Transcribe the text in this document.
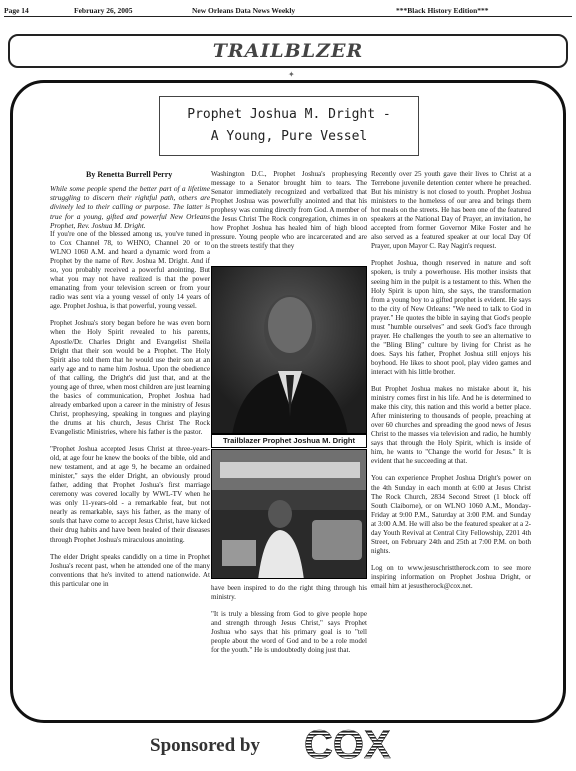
Page 14	February 26, 2005	New Orleans Data News Weekly	***Black History Edition***
TRAILBLZER
✦
Prophet Joshua M. Dright -
A Young, Pure Vessel
By Renetta Burrell Perry
While some people spend the better part of a lifetime struggling to discern their rightful path, others are divinely led to their calling or purpose. The latter is true for a young, gifted and powerful New Orleans Prophet, Rev. Joshua M. Dright.

If you're one of the blessed among us, you've tuned in to Cox Channel 78, to WHNO, Channel 20 or to WLNO 1060 A.M. and heard a dynamic word from a Prophet by the name of Rev. Joshua M. Dright. And if so, you probably received a powerful anointing. But what you may not have realized is that the power emanating from your television screen or from your radio was sent via a young vessel of only 14 years of age. Prophet Joshua, is that powerful, young vessel.

Prophet Joshua's story began before he was even born when the Holy Spirit revealed to his parents, Apostle/Dr. Charles Dright and Evangelist Sheila Dright that their son would be a Prophet. The Holy Spirit also told them that he would use their son at an early age and to name him Joshua. Upon the obedience of that calling, the Dright's did just that, and at the young age of three, when most children are just learning the basics of communication, Prophet Joshua had already embarked upon a career in the ministry of Jesus Christ, prophesying, speaking in tongues and playing the drums at his church, Jesus Christ The Rock Evangelistic Ministries, where his father is the pastor.

"Prophet Joshua accepted Jesus Christ at three-years-old, at age four he knew the books of the bible, old and new testament, and at age 9, he became an ordained minister," says the elder Dright, an obviously proud father, adding that Prophet Joshua's first marriage ceremony was covered locally by WWL-TV when he was only 11-years-old - a remarkable feat, but not nearly as remarkable, says his father, as the many of souls that have come to accept Jesus Christ, have kicked their drug habits and have been healed of their diseases through Prophet Joshua's miraculous anointing.

The elder Dright speaks candidly on a time in Prophet Joshua's recent past, when he attended one of the many conventions that he's invited to attend nationwide. At this particular one in

Washington D.C., Prophet Joshua's prophesying message to a Senator brought him to tears. The Senator immediately recognized and verbalized that Prophet Joshua was powerfully anointed and that his prophesy was coming directly from God. A member of the Jesus Christ The Rock congregation, chimes in on how Prophet Joshua has healed him of high blood pressure. Young people who are incarcerated and are on the streets testify that they

Trailblazer Prophet Joshua M. Dright

have been inspired to do the right thing through his ministry.

"It is truly a blessing from God to give people hope and strength through Jesus Christ," says Prophet Joshua who says that his primary goal is to "tell people about the word of God and to be a role model for the youth." He is undoubtedly doing just that.

Recently over 25 youth gave their lives to Christ at a Terrebone juvenile detention center where he preached. But his ministry is not closed to youth. Prophet Joshua ministers to the homeless of our area and brings them hot meals on the streets. He has been one of the featured speakers at the National Day of Prayer, an invitation, he accepted from former Governor Mike Foster and he also served as a featured speaker at our local Day Of Prayer, upon Mayor C. Ray Nagin's request.

Prophet Joshua, though reserved in nature and soft spoken, is truly a powerhouse. His mother insists that seeing him in the pulpit is a testament to this. When the Holy Spirit is upon him, she says, the transformation from a young boy to a gifted prophet is evident. He says to the city of New Orleans: "We need to talk to God in prayer." He quotes the bible in saying that God's people must "humble ourselves" and seek God's face through prayer. He challenges the youth to see an alternative to the "Bling Bling" culture by living for Christ as he does. Says his father, Prophet Joshua still enjoys his boyhood. He likes to shoot pool, play video games and interact with his little brother.

But Prophet Joshua makes no mistake about it, his ministry comes first in his life. And he is determined to make this city, this nation and this world a better place. After ministering to thousands of people, preaching at over 60 churches and spreading the good news of Jesus Christ to the masses via television and radio, he humbly says that through the Holy Spirit, which is inside of him, he wants to "Change the world for Jesus." It is evident that he succeeding at that.

You can experience Prophet Joshua Dright's power on the 4th Sunday in each month at 6:00 at Jesus Christ The Rock Church, 2834 Second Street (1 block off South Claiborne), or on WLNO 1060 A.M., Monday-Friday at 9:00 P.M., Saturday at 3:00 P.M. and Sunday at 3:00 A.M. He will also be the featured speaker at a 2-day Youth Revival at Central City Fellowship, 2201 4th Street, on February 24th and 25th at 7:00 P.M. on both nights.

Log on to www.jesuschristtherock.com to see more inspiring information on Prophet Joshua Dright, or email him at jesustherock@cox.net.

Sponsored by COX
